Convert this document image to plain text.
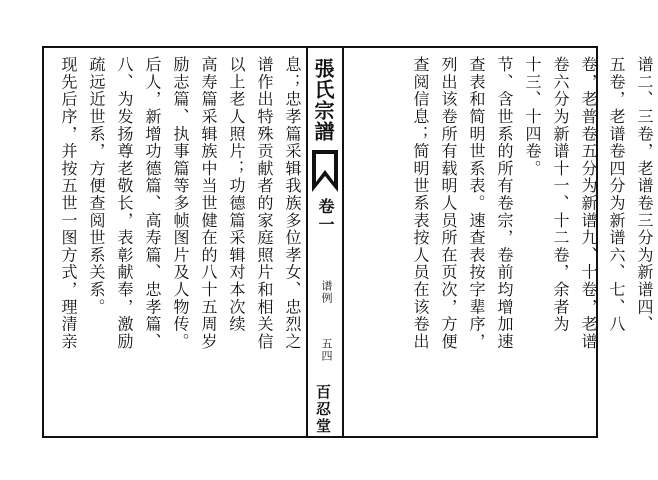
息；忠孝篇采辑我族多位孝女、忠烈之
谱作出特殊贡献者的家庭照片和相关信
以上老人照片；功德篇采辑对本次续
高寿篇采辑族中当世健在的八十五周岁
励志篇、执事篇等多帧图片及人物传。
后人，新增功德篇、高寿篇、忠孝篇、
八、为发扬尊老敬长，表彰献奉，激励
疏远近世系，方便查阅世系关系。
现先后序，并按五世一图方式，理清亲	張氏宗譜
卷一
谱例
五四
百忍堂
谱二、三卷，老谱卷三分为新谱四、
五卷，老谱卷四分为新谱六、七、八
卷，老普卷五分为新谱九、十卷，老谱
卷六分为新谱十一、十二卷，余者为
十三、十四卷。
节、含世系的所有卷宗，卷前均增加速
查表和简明世系表。速查表按字辈序，
列出该卷所有载明人员所在页次，方便
查阅信息；简明世系表按人员在该卷出
